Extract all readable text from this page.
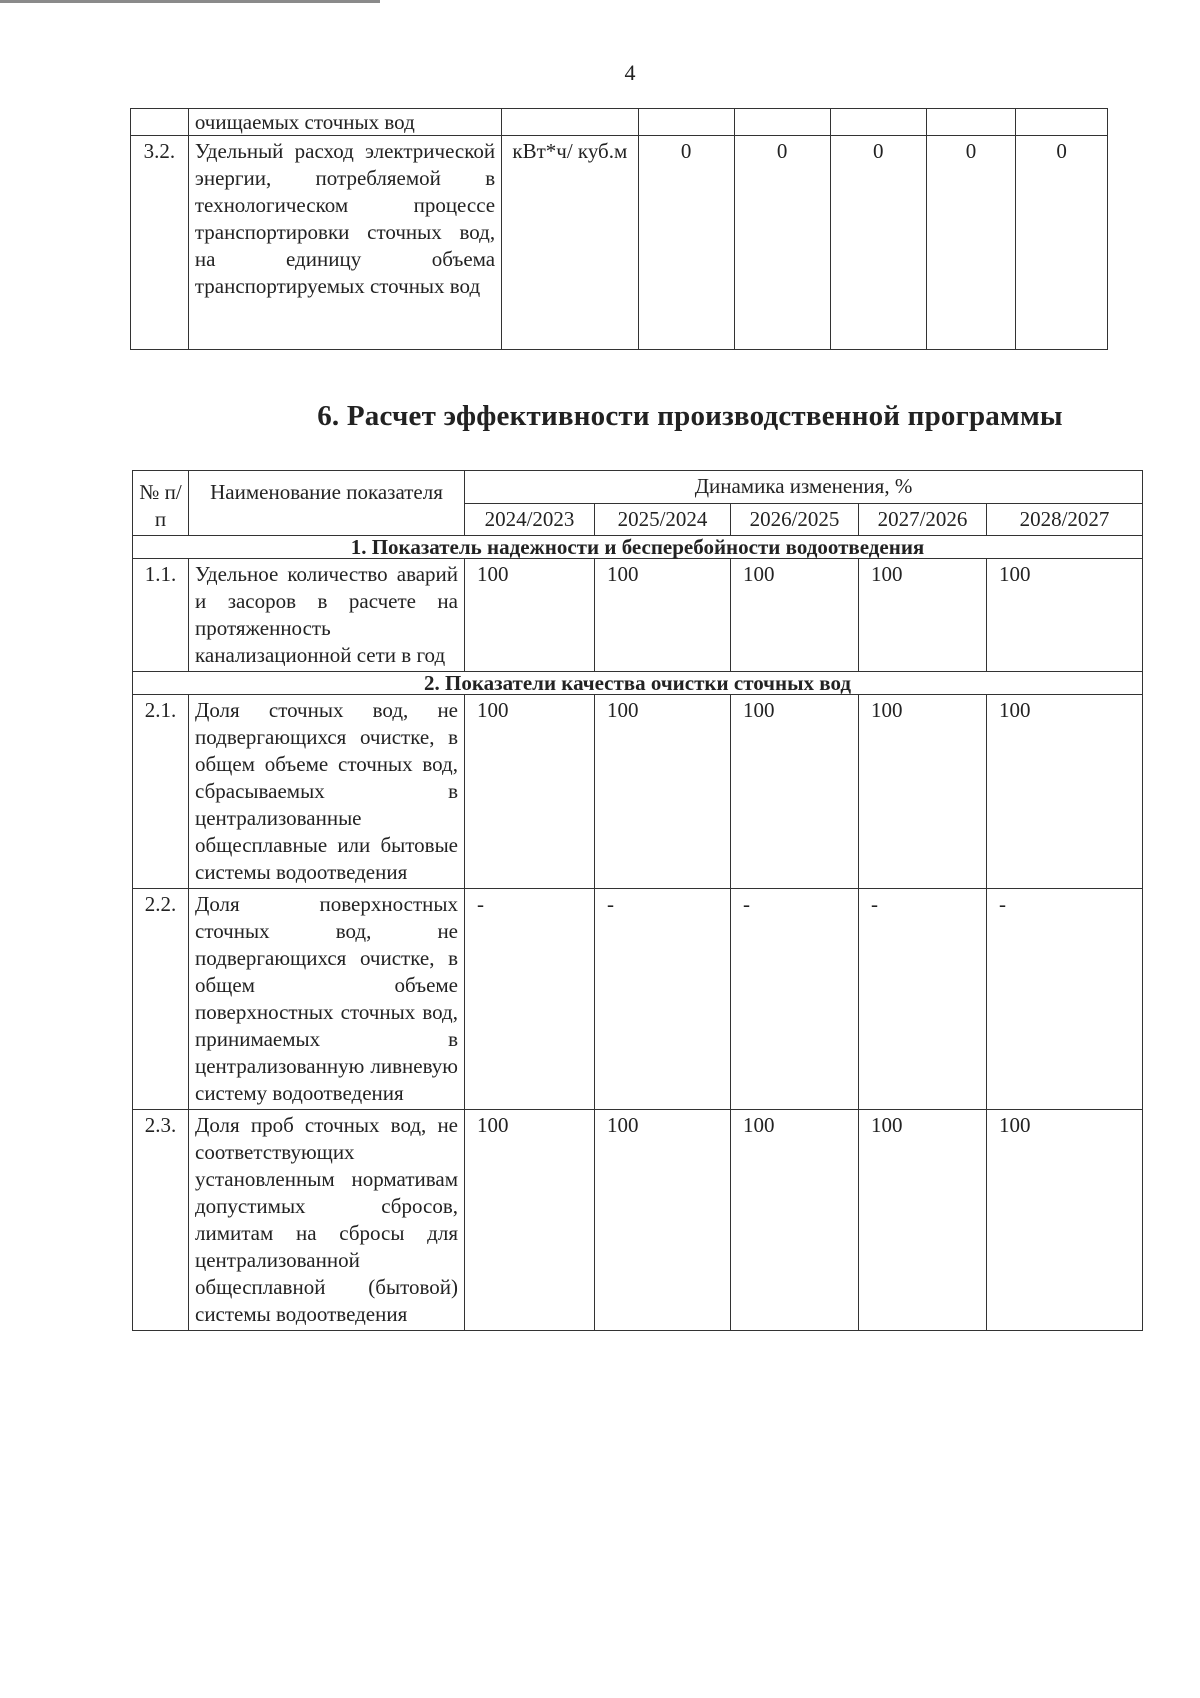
4
	очищаемых сточных вод						
3.2.	Удельный расход электрической энергии, потребляемой в технологическом процессе транспортировки сточных вод, на единицу объема транспортируемых сточных вод	кВт*ч/ куб.м	0	0	0	0	0
6. Расчет эффективности производственной программы
№ п/п	Наименование показателя	Динамика изменения, %				
		2024/2023	2025/2024	2026/2025	2027/2026	2028/2027
1. Показатель надежности и бесперебойности водоотведения						
1.1.	Удельное количество аварий и засоров в расчете на протяженность канализационной сети в год	100	100	100	100	100
2. Показатели качества очистки сточных вод						
2.1.	Доля сточных вод, не подвергающихся очистке, в общем объеме сточных вод, сбрасываемых в централизованные общесплавные или бытовые системы водоотведения	100	100	100	100	100
2.2.	Доля поверхностных сточных вод, не подвергающихся очистке, в общем объеме поверхностных сточных вод, принимаемых в централизованную ливневую систему водоотведения	-	-	-	-	-
2.3.	Доля проб сточных вод, не соответствующих установленным нормативам допустимых сбросов, лимитам на сбросы для централизованной общесплавной (бытовой) системы водоотведения	100	100	100	100	100
